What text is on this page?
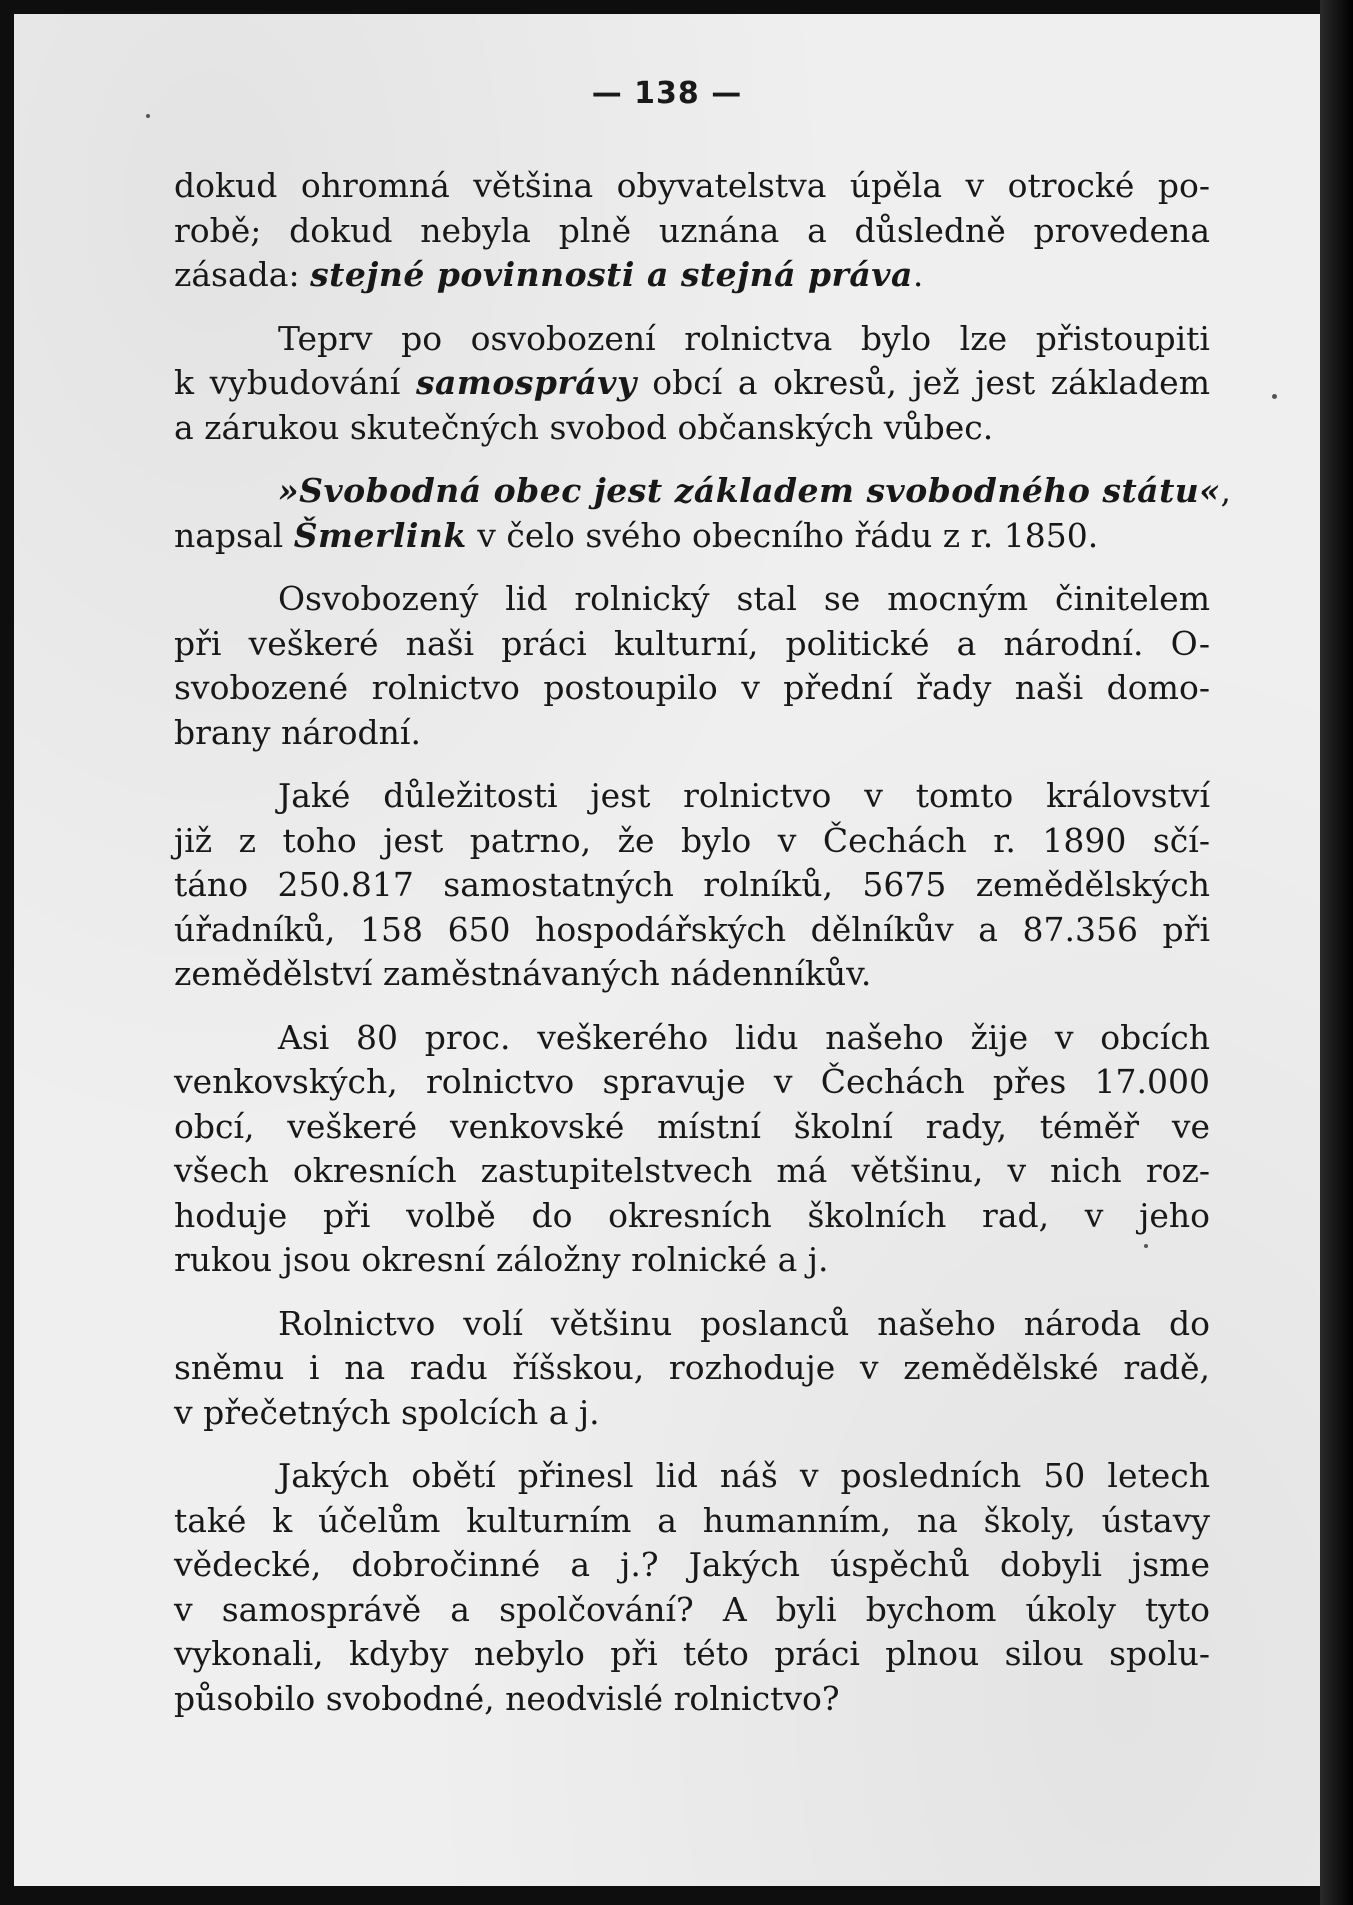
— 138 —
dokud ohromná většina obyvatelstva úpěla v otrocké po-
robě; dokud nebyla plně uznána a důsledně provedena
zásada: stejné povinnosti a stejná práva.
Teprv po osvobození rolnictva bylo lze přistoupiti
k vybudování samosprávy obcí a okresů, jež jest základem
a zárukou skutečných svobod občanských vůbec.
»Svobodná obec jest základem svobodného státu«,
napsal Šmerlink v čelo svého obecního řádu z r. 1850.
Osvobozený lid rolnický stal se mocným činitelem
při veškeré naši práci kulturní, politické a národní. O-
svobozené rolnictvo postoupilo v přední řady naši domo-
brany národní.
Jaké důležitosti jest rolnictvo v tomto království
již z toho jest patrno, že bylo v Čechách r. 1890 sčí-
táno 250.817 samostatných rolníků, 5675 zemědělských
úřadníků, 158 650 hospodářských dělníkův a 87.356 při
zemědělství zaměstnávaných nádenníkův.
Asi 80 proc. veškerého lidu našeho žije v obcích
venkovských, rolnictvo spravuje v Čechách přes 17.000
obcí, veškeré venkovské místní školní rady, téměř ve
všech okresních zastupitelstvech má většinu, v nich roz-
hoduje při volbě do okresních školních rad, v jeho
rukou jsou okresní záložny rolnické a j.
Rolnictvo volí většinu poslanců našeho národa do
sněmu i na radu říšskou, rozhoduje v zemědělské radě,
v přečetných spolcích a j.
Jakých obětí přinesl lid náš v posledních 50 letech
také k účelům kulturním a humanním, na školy, ústavy
vědecké, dobročinné a j.? Jakých úspěchů dobyli jsme
v samosprávě a spolčování? A byli bychom úkoly tyto
vykonali, kdyby nebylo při této práci plnou silou spolu-
působilo svobodné, neodvislé rolnictvo?
